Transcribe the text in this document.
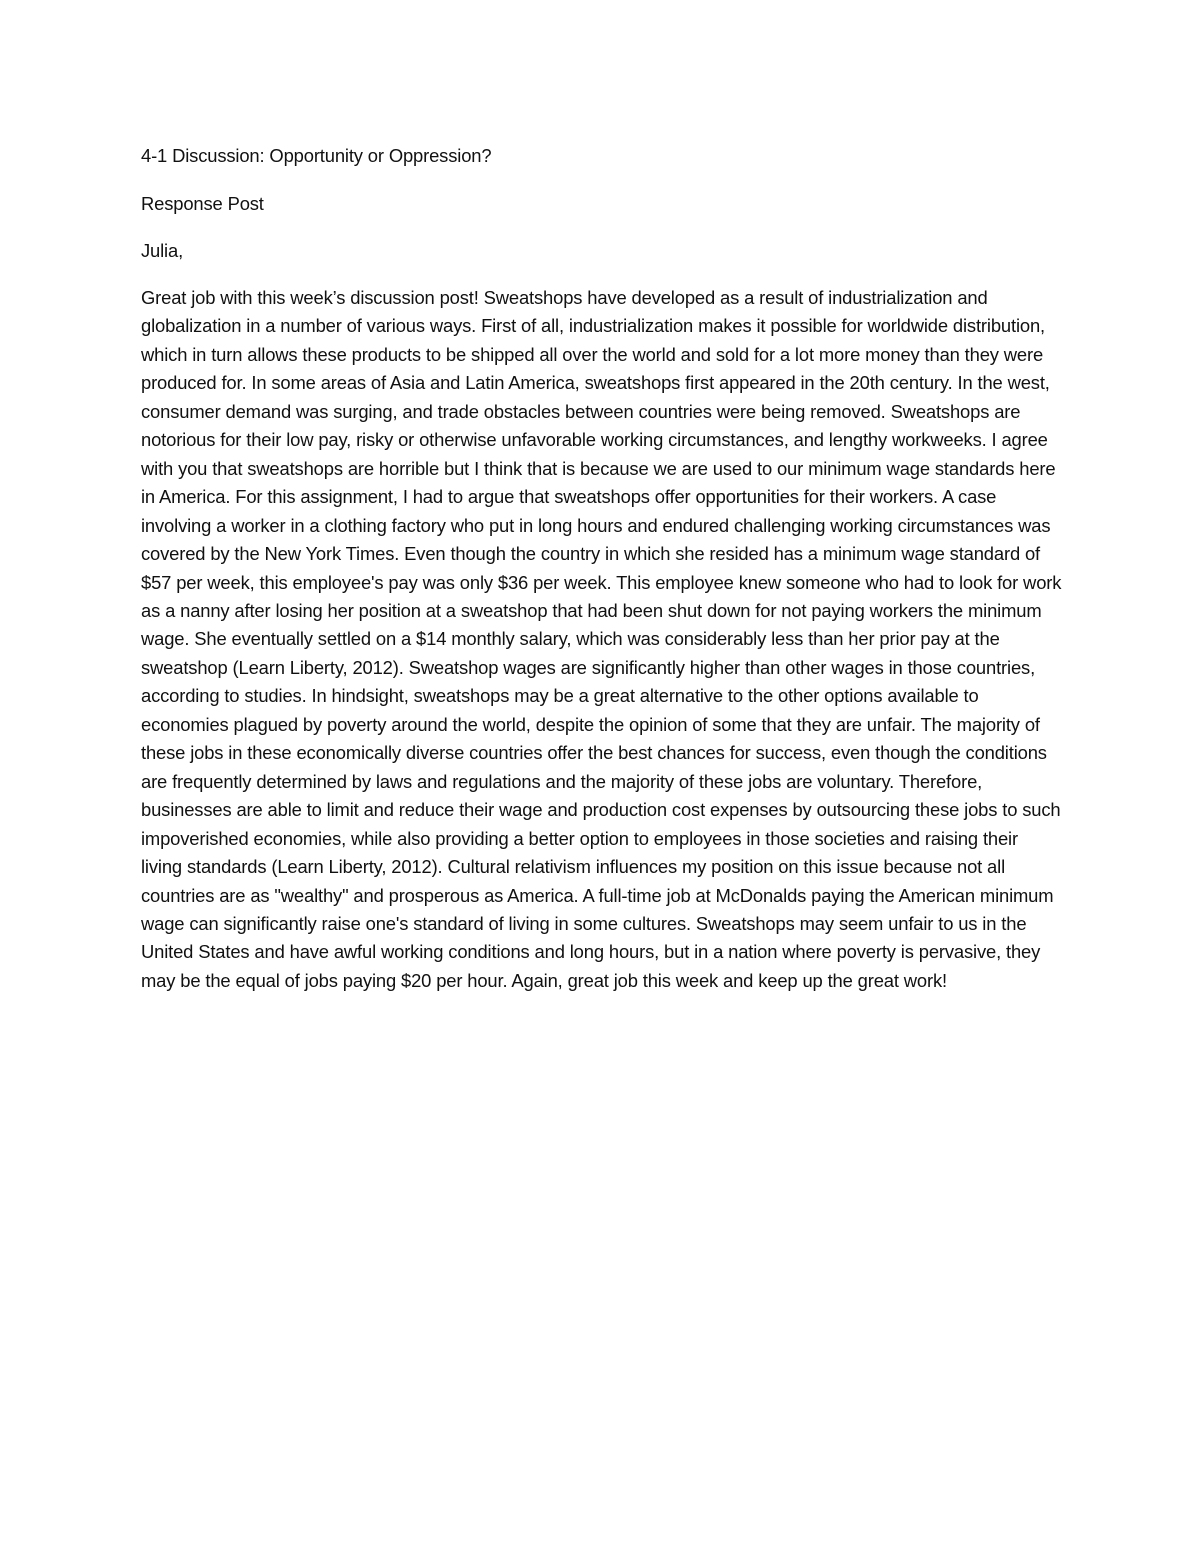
4-1 Discussion: Opportunity or Oppression?

Response Post

Julia,

Great job with this week’s discussion post! Sweatshops have developed as a result of industrialization and globalization in a number of various ways. First of all, industrialization makes it possible for worldwide distribution, which in turn allows these products to be shipped all over the world and sold for a lot more money than they were produced for. In some areas of Asia and Latin America, sweatshops first appeared in the 20th century. In the west, consumer demand was surging, and trade obstacles between countries were being removed. Sweatshops are notorious for their low pay, risky or otherwise unfavorable working circumstances, and lengthy workweeks. I agree with you that sweatshops are horrible but I think that is because we are used to our minimum wage standards here in America. For this assignment, I had to argue that sweatshops offer opportunities for their workers. A case involving a worker in a clothing factory who put in long hours and endured challenging working circumstances was covered by the New York Times. Even though the country in which she resided has a minimum wage standard of $57 per week, this employee's pay was only $36 per week. This employee knew someone who had to look for work as a nanny after losing her position at a sweatshop that had been shut down for not paying workers the minimum wage. She eventually settled on a $14 monthly salary, which was considerably less than her prior pay at the sweatshop (Learn Liberty, 2012). Sweatshop wages are significantly higher than other wages in those countries, according to studies. In hindsight, sweatshops may be a great alternative to the other options available to economies plagued by poverty around the world, despite the opinion of some that they are unfair. The majority of these jobs in these economically diverse countries offer the best chances for success, even though the conditions are frequently determined by laws and regulations and the majority of these jobs are voluntary. Therefore, businesses are able to limit and reduce their wage and production cost expenses by outsourcing these jobs to such impoverished economies, while also providing a better option to employees in those societies and raising their living standards (Learn Liberty, 2012). Cultural relativism influences my position on this issue because not all countries are as "wealthy" and prosperous as America. A full-time job at McDonalds paying the American minimum wage can significantly raise one's standard of living in some cultures. Sweatshops may seem unfair to us in the United States and have awful working conditions and long hours, but in a nation where poverty is pervasive, they may be the equal of jobs paying $20 per hour. Again, great job this week and keep up the great work!
